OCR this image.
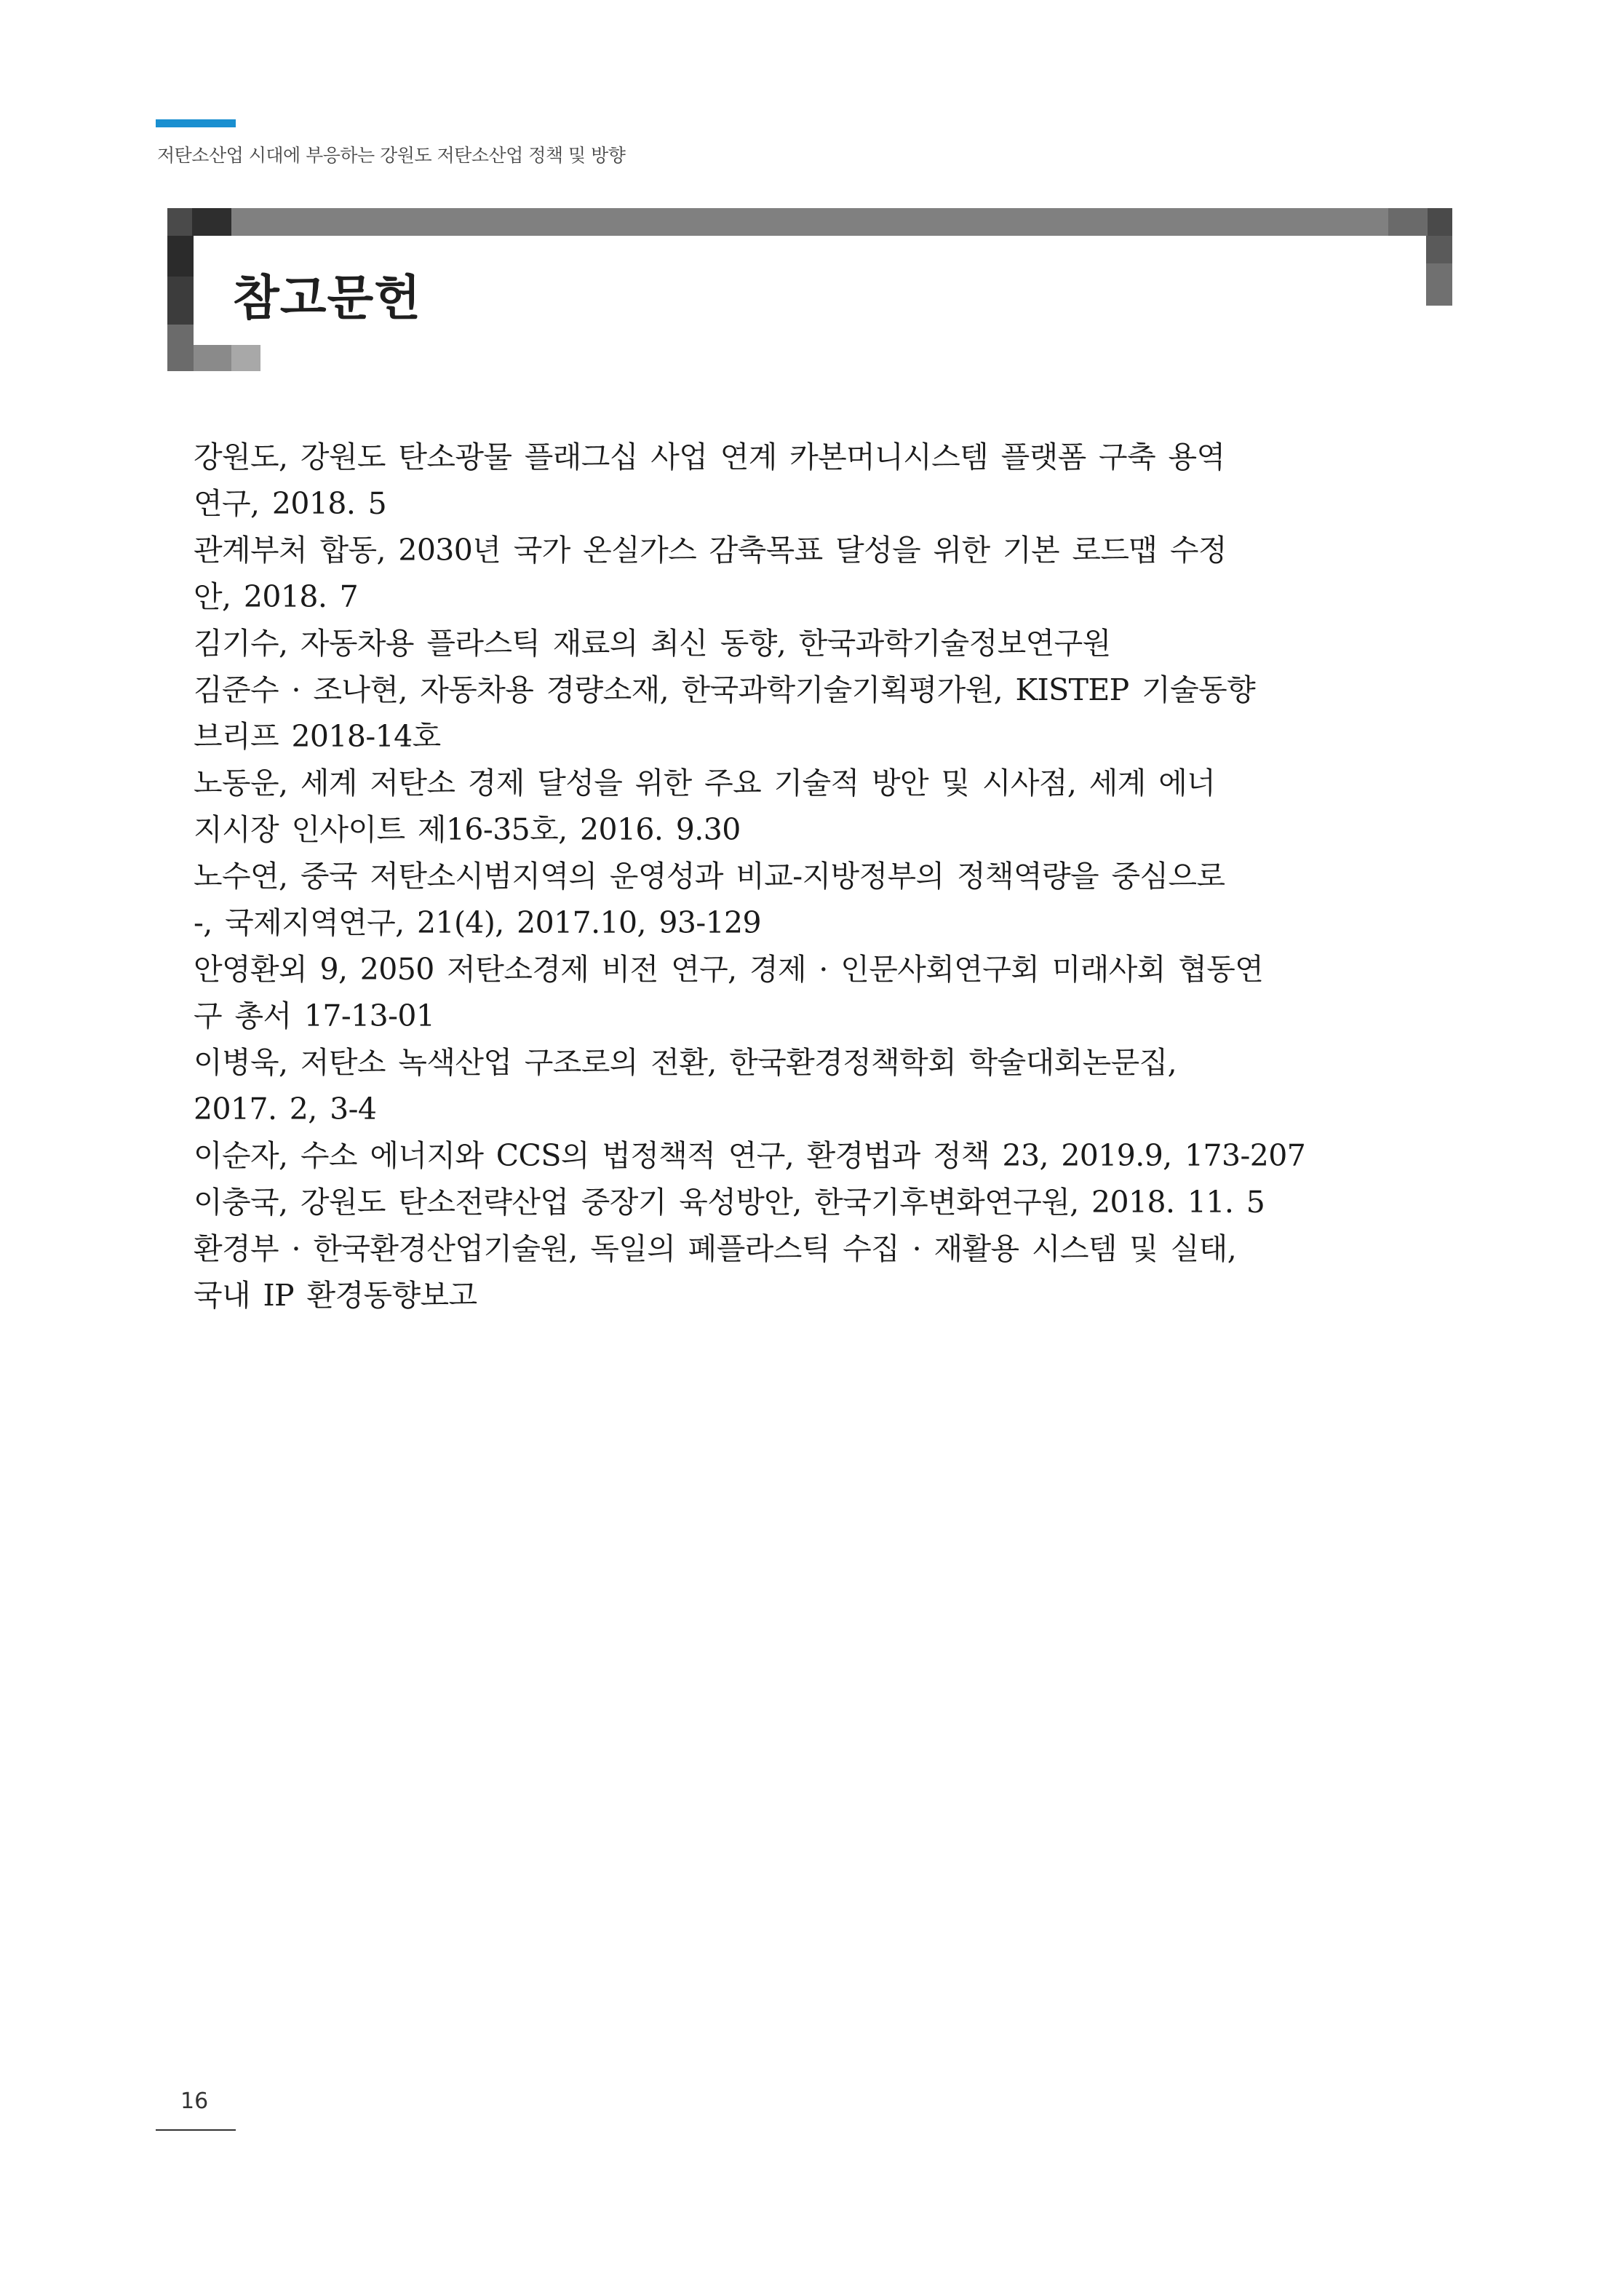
저탄소산업 시대에 부응하는 강원도 저탄소산업 정책 및 방향
참고문헌
강원도, 강원도 탄소광물 플래그십 사업 연계 카본머니시스템 플랫폼 구축 용역
연구, 2018. 5
관계부처 합동, 2030년 국가 온실가스 감축목표 달성을 위한 기본 로드맵 수정
안, 2018. 7
김기수, 자동차용 플라스틱 재료의 최신 동향, 한국과학기술정보연구원
김준수 · 조나현, 자동차용 경량소재, 한국과학기술기획평가원, KISTEP 기술동향
브리프 2018-14호
노동운, 세계 저탄소 경제 달성을 위한 주요 기술적 방안 및 시사점, 세계 에너
지시장 인사이트 제16-35호, 2016. 9.30
노수연, 중국 저탄소시범지역의 운영성과 비교-지방정부의 정책역량을 중심으로
-, 국제지역연구, 21(4), 2017.10, 93-129
안영환외 9, 2050 저탄소경제 비전 연구, 경제 · 인문사회연구회 미래사회 협동연
구 총서 17-13-01
이병욱, 저탄소 녹색산업 구조로의 전환, 한국환경정책학회 학술대회논문집,
2017. 2, 3-4
이순자, 수소 에너지와 CCS의 법정책적 연구, 환경법과 정책 23, 2019.9, 173-207
이충국, 강원도 탄소전략산업 중장기 육성방안, 한국기후변화연구원, 2018. 11. 5
환경부 · 한국환경산업기술원, 독일의 폐플라스틱 수집 · 재활용 시스템 및 실태,
국내 IP 환경동향보고
16
